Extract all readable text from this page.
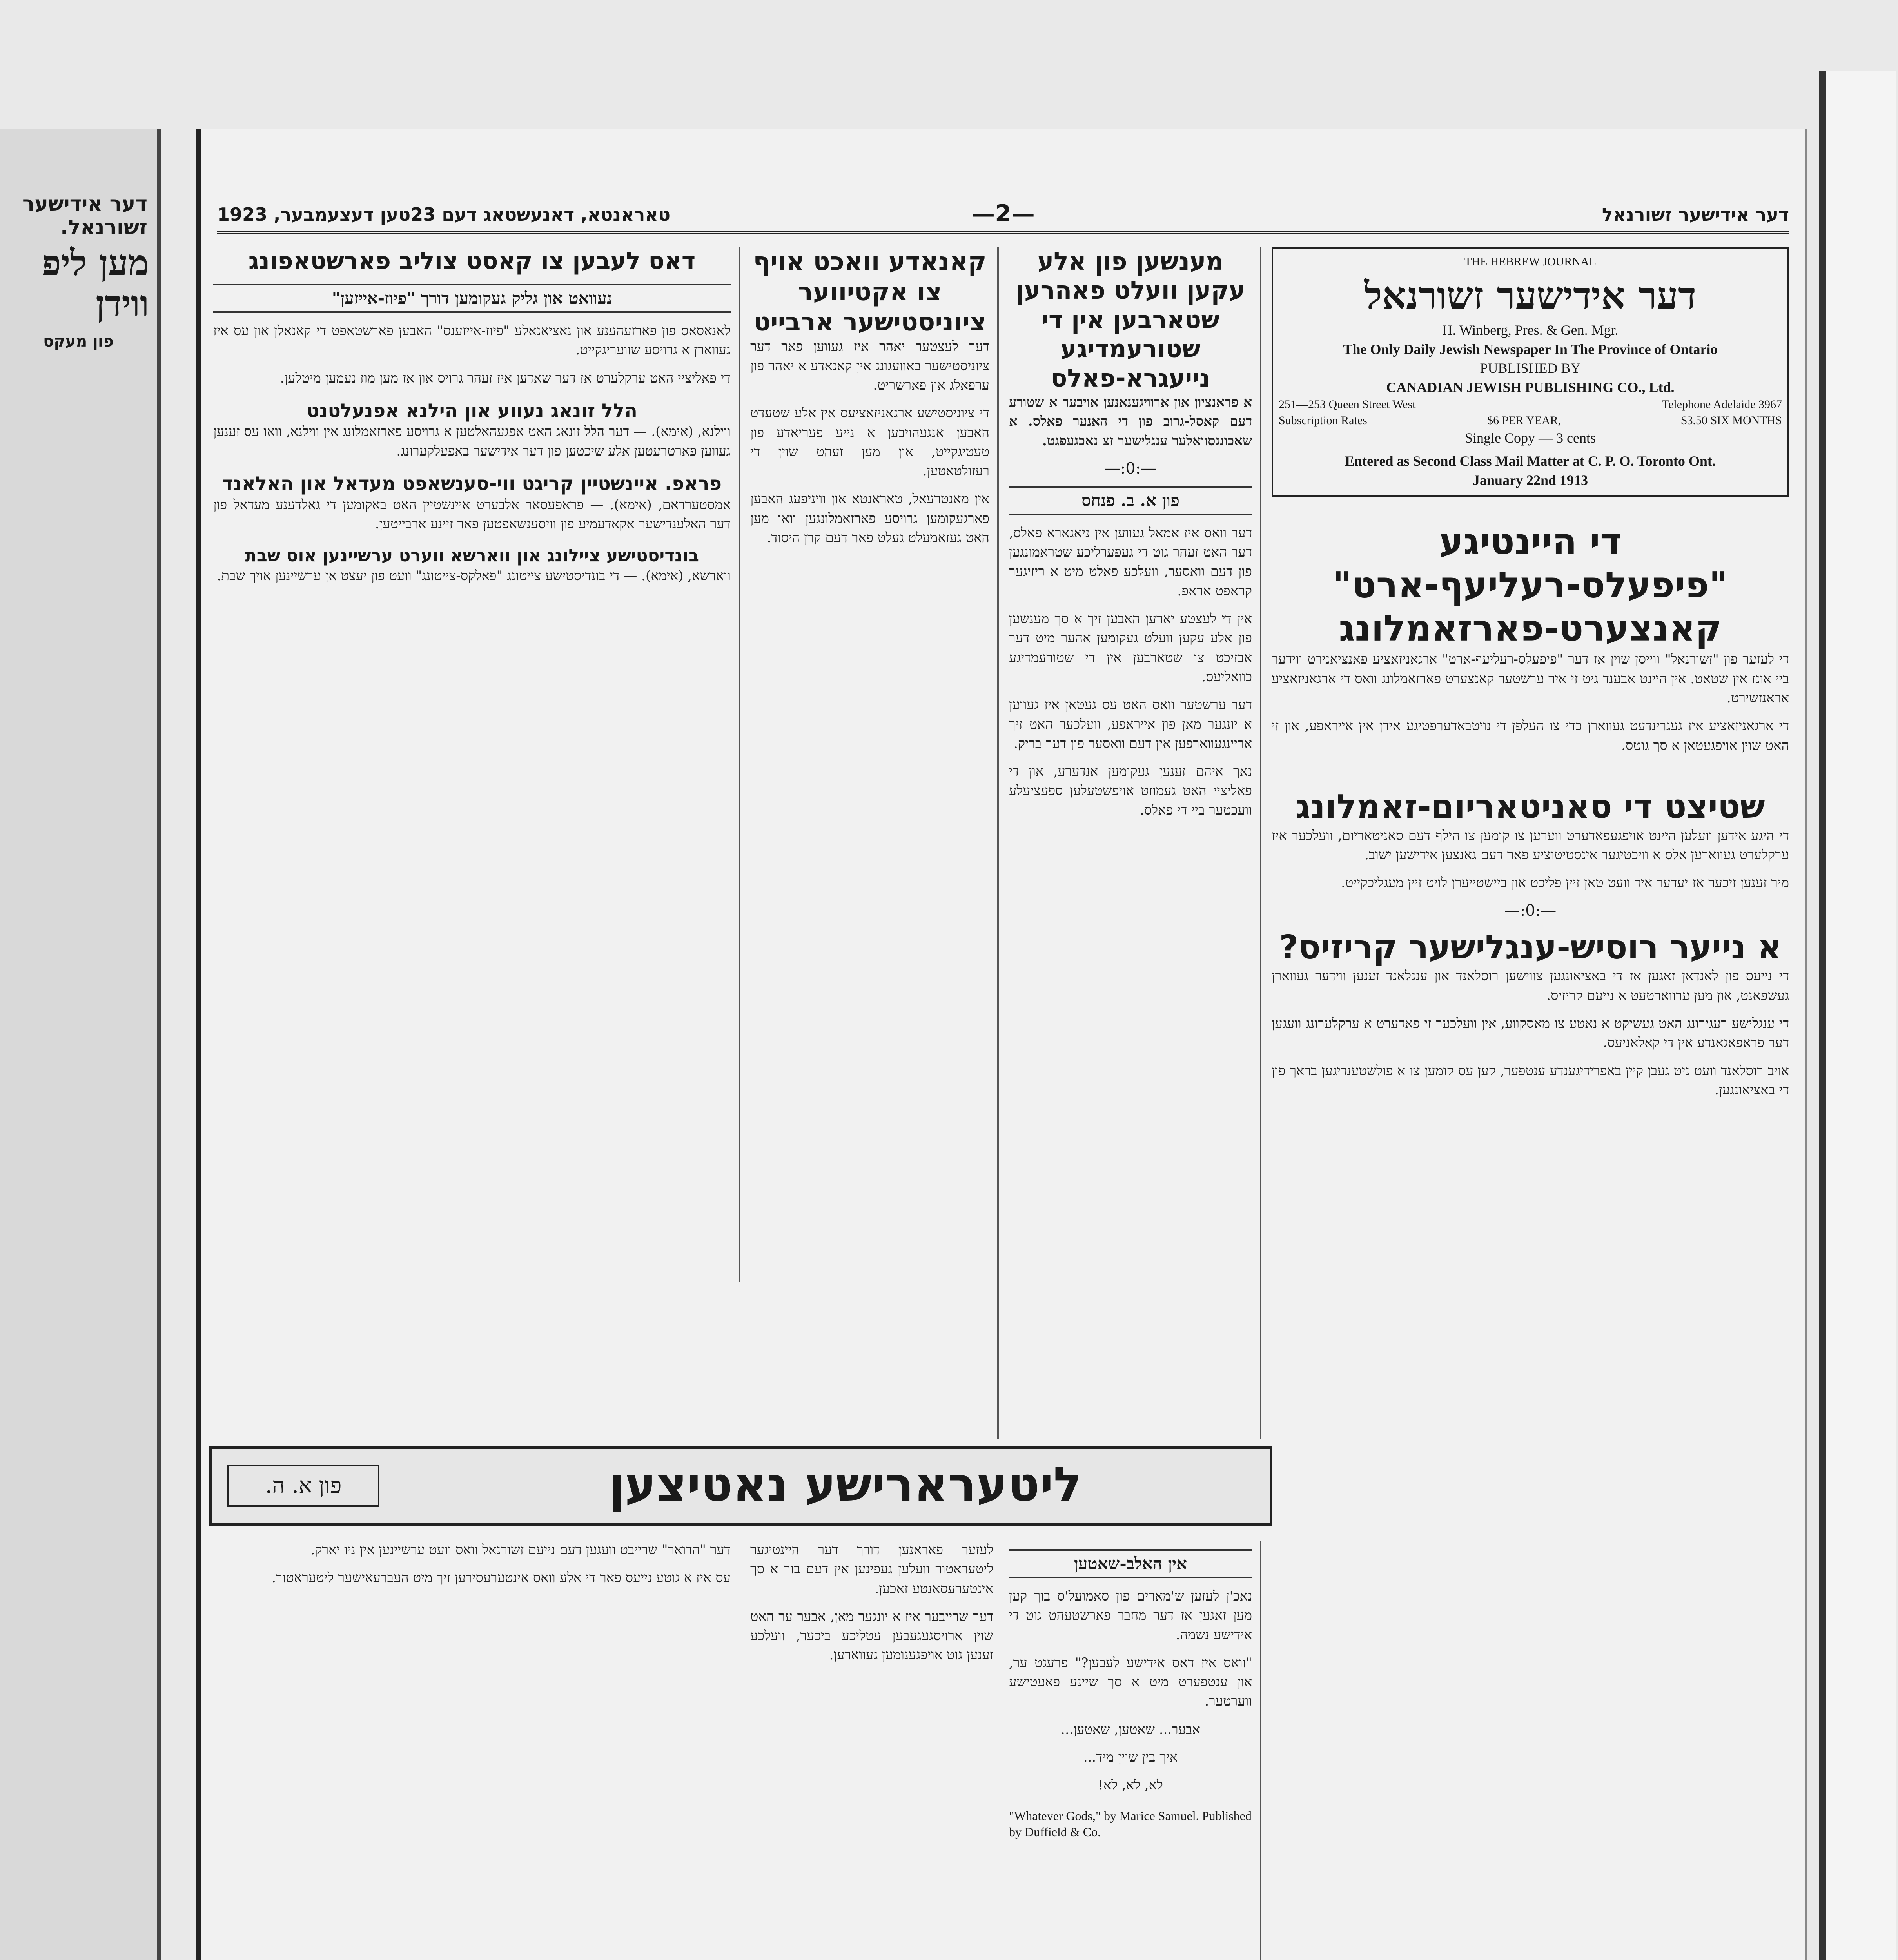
דער אידישער זשורנאל.
מען ליפ
ווידן
פון מעקס
טאראנטא, דאנעשטאג דעם 23טען דעצעמבער, 1923	—2—	דער אידישער זשורנאל
THE HEBREW JOURNAL
דער אידישער זשורנאל
H. Winberg, Pres. & Gen. Mgr.
The Only Daily Jewish Newspaper In The Province of Ontario
PUBLISHED BY
CANADIAN JEWISH PUBLISHING CO., Ltd.
251—253 Queen Street West	Telephone Adelaide 3967
Subscription Rates	$6 PER YEAR,	$3.50 SIX MONTHS
Single Copy — 3 cents
Entered as Second Class Mail Matter at C. P. O. Toronto Ont.
January 22nd 1913
די היינטיגע "פיפעלס-רעליעף-ארט" קאנצערט-פארזאמלונג

די לעזער פון "זשורנאל" ווייסן שוין אז דער "פיפעלס-רעליעף-ארט" ארגאניזאציע פאנציאנירט ווידער ביי אונז אין שטאט. אין היינט אבענד גיט זי איר ערשטער קאנצערט פארזאמלונג וואס די ארגאניזאציע אראנזשירט.

די ארגאניזאציע איז געגרינדעט געווארן כדי צו העלפן די נויטבאדערפטיגע אידן אין אייראפע, און זי האט שוין אויפגעטאן א סך גוטס.

שטיצט די סאניטאריום-זאמלונג

די היגע אידען וועלען היינט אויפגעפאדערט ווערען צו קומען צו הילף דעם סאניטאריום, וועלכער איז ערקלערט געווארען אלס א וויכטיגער אינסטיטוציע פאר דעם גאנצען אידישען ישוב.

מיר זענען זיכער אז יעדער איד וועט טאן זיין פליכט און ביישטייערן לויט זיין מעגליכקייט.

—:0:—
א נייער רוסיש-ענגלישער קריזיס?

די נייעס פון לאנדאן זאגען אז די באציאונגען צווישען רוסלאנד און ענגלאנד זענען ווידער געווארן געשפאנט, און מען ערווארטעט א נייעם קריזיס.

די ענגלישע רעגירונג האט געשיקט א נאטע צו מאסקווע, אין וועלכער זי פאדערט א ערקלערונג וועגען דער פראפאגאנדע אין די קאלאניעס.

אויב רוסלאנד וועט ניט געבן קיין באפרידיגענדע ענטפער, קען עס קומען צו א פולשטענדיגען בראך פון די באציאונגען.

מענשען פון אלע עקען וועלט פאהרען שטארבען אין די שטורעמדיגע נייעגרא-פאלס

א פראנציון און ארוויגענאנען אויבער א שטורע דעם קאסל-גרוב פון די האנער פאלס. א שאכונגסוואלער ענגלישער זצ נאכגעפגט.

—:0:—
פון א. ב. פנחס

דער וואס איז אמאל געווען אין ניאגארא פאלס, דער האט זעהר גוט די געפערליכע שטראמונגען פון דעם וואסער, וועלכע פאלט מיט א ריזיגער קראפט אראפ.

אין די לעצטע יארען האבען זיך א סך מענשען פון אלע עקען וועלט געקומען אהער מיט דער אבזיכט צו שטארבען אין די שטורעמדיגע כוואליעס.

דער ערשטער וואס האט עס געטאן איז געווען א יונגער מאן פון אייראפע, וועלכער האט זיך אריינגעווארפען אין דעם וואסער פון דער בריק.

נאך איהם זענען געקומען אנדערע, און די פאליציי האט געמוזט אויפשטעלען ספעציעלע וועכטער ביי די פאלס.

קאנאדע וואכט אויף צו אקטיווער ציוניסטישער ארבייט

דער לעצטער יאהר איז געווען פאר דער ציוניסטישער באוועגונג אין קאנאדע א יאהר פון ערפאלג און פארשריט.

די ציוניסטישע ארגאניזאציעס אין אלע שטעדט האבען אנגעהויבען א נייע פעריאדע פון טעטיגקייט, און מען זעהט שוין די רעזולטאטען.

אין מאנטרעאל, טאראנטא און וויניפעג האבען פארגעקומען גרויסע פארזאמלונגען וואו מען האט געזאמעלט געלט פאר דעם קרן היסוד.

דאס לעבען צו קאסט צוליב פארשטאפונג
נעוואט און גליק געקומען דורך "פיוז-אייזען"

לאנאסאס פון פארזעהענע און נאציאנאלע "פיוז-אייזענס" האבען פארשטאפט די קאנאלן און עס איז געווארן א גרויסע שוועריגקייט.

די פאליציי האט ערקלערט אז דער שאדען איז זעהר גרויס און אז מען מוז נעמען מיטלען.

הלל זונאג נעווע און הילנא אפנעלטנט

ווילנא, (אימא). — דער הלל זונאג האט אפגעהאלטען א גרויסע פארזאמלונג אין ווילנא, וואו עס זענען געווען פארטרעטען אלע שיכטען פון דער אידישער באפעלקערונג.

פראפ. איינשטיין קריגט ווי-סענשאפט מעדאל און האלאנד

אמסטערדאם, (אימא). — פראפעסאר אלבערט איינשטיין האט באקומען די גאלדענע מעדאל פון דער האלענדישער אקאדעמיע פון וויסענשאפטען פאר זיינע ארבייטען.

בונדיסטישע ציילונג און ווארשא ווערט ערשיינען אוס שבת

ווארשא, (אימא). — די בונדיסטישע צייטונג "פאלקס-צייטונג" וועט פון יעצט אן ערשיינען אויך שבת.

ליטערארישע נאטיצען
פון א. ה.
אין האלב-שאטען

נאכ'ן לעזען ש'מארים פון סאמועל'ס בוך קען מען זאגען אז דער מחבר פארשטעהט גוט די אידישע נשמה.

"וואס איז דאס אידישע לעבען?" פרעגט ער, און ענטפערט מיט א סך שיינע פאעטישע ווערטער.

אבער... שאטען, שאטען...

איך בין שוין מיד...

לא, לא, לא!

"Whatever Gods," by Marice Samuel. Published by Duffield & Co.

לעזער פאראנען דורך דער היינטיגער ליטעראטור וועלען געפינען אין דעם בוך א סך אינטערעסאנטע זאכען.

דער שרייבער איז א יונגער מאן, אבער ער האט שוין ארויסגעגעבען עטליכע ביכער, וועלכע זענען גוט אויפגענומען געווארען.

דער "הדואר" שרייבט וועגען דעם נייעם זשורנאל וואס וועט ערשיינען אין ניו יארק.

עס איז א גוטע נייעס פאר די אלע וואס אינטערעסירען זיך מיט העברעאישער ליטעראטור.
